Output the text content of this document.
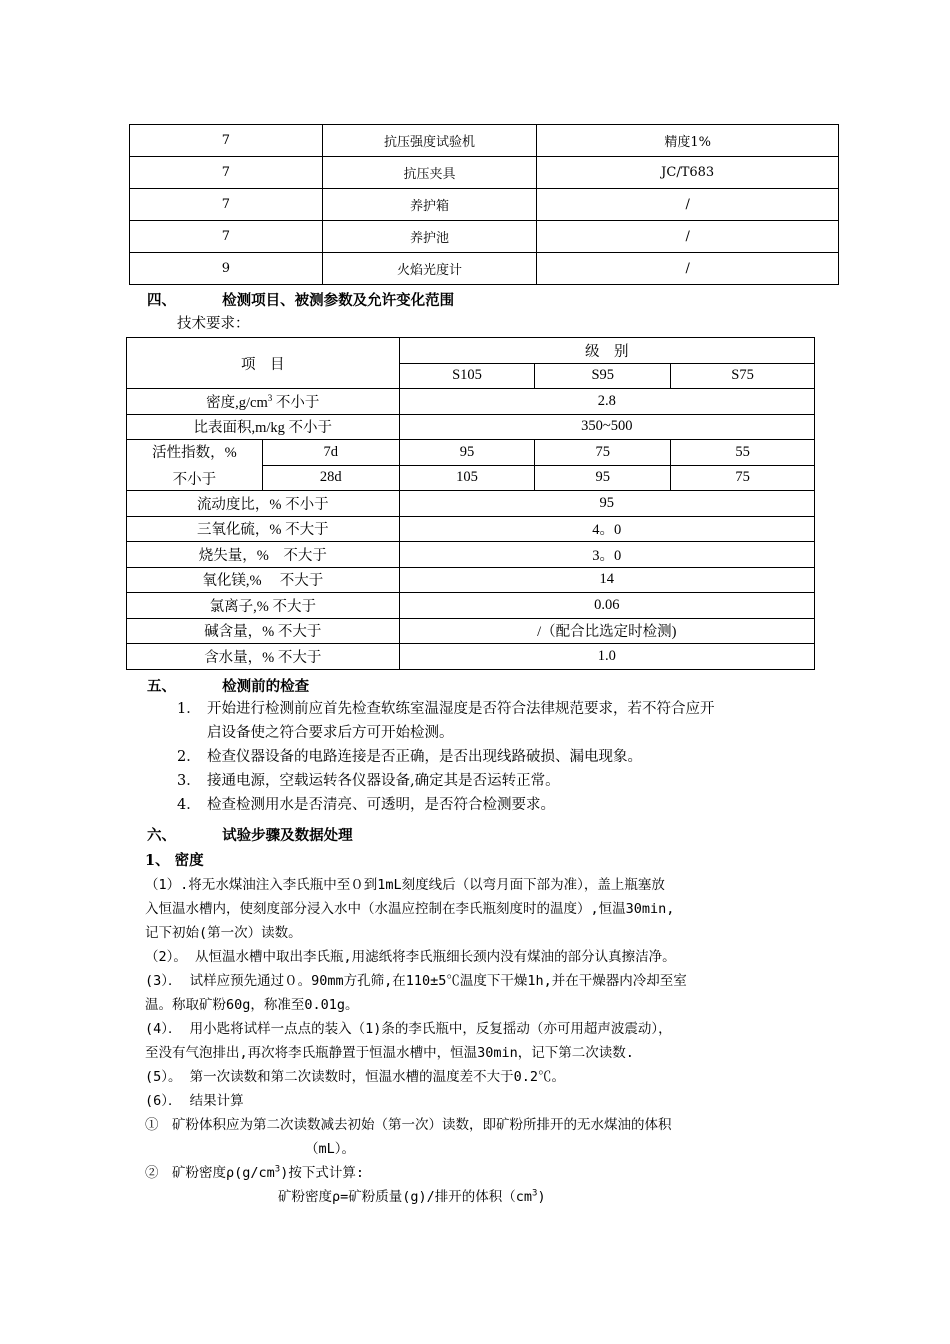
7	抗压强度试验机	精度1%
7	抗压夹具	JC/T683
7	养护箱	/
7	养护池	/
9	火焰光度计	/
四、	检测项目、被测参数及允许变化范围
技术要求：
项　目		级　别		
		S105	S95	S75
密度$,g/cm^3$ 不小于		2.8		
比表面积,m/kg 不小于		350~500		

活性指数，%
不小于	7d	95	75	55
	28d	105	95	75
流动度比，% 不小于		95		
三氧化硫，% 不大于		4。0		
烧失量，%　不大于		3。0		
氧化镁,%　 不大于		14		
氯离子,% 不大于		0.06		
碱含量，% 不大于		/（配合比选定时检测)		
含水量，% 不大于		1.0		
五、	检测前的检查
1． 开始进行检测前应首先检查软练室温湿度是否符合法律规范要求，若不符合应开
启设备使之符合要求后方可开始检测。
2． 检查仪器设备的电路连接是否正确，是否出现线路破损、漏电现象。
3． 接通电源，空载运转各仪器设备,确定其是否运转正常。
4． 检查检测用水是否清亮、可透明，是否符合检测要求。
六、	试验步骤及数据处理
1、 密度
（1）.将无水煤油注入李氏瓶中至０到1mL刻度线后（以弯月面下部为准），盖上瓶塞放
入恒温水槽内，使刻度部分浸入水中（水温应控制在李氏瓶刻度时的温度）,恒温30min,
记下初始(第一次）读数。
（2）。 从恒温水槽中取出李氏瓶,用滤纸将李氏瓶细长颈内没有煤油的部分认真擦洁净。
(3）． 试样应预先通过０。90mm方孔筛,在110±5℃温度下干燥1h,并在干燥器内冷却至室
温。称取矿粉60g，称准至0.01g。
(4）． 用小匙将试样一点点的装入（1)条的李氏瓶中，反复摇动（亦可用超声波震动），
至没有气泡排出,再次将李氏瓶静置于恒温水槽中，恒温30min，记下第二次读数.
(5）。 第一次读数和第二次读数时，恒温水槽的温度差不大于0.2℃。
(6）． 结果计算
①　矿粉体积应为第二次读数减去初始（第一次）读数，即矿粉所排开的无水煤油的体积
（mL）。
②　矿粉密度$\rho(g/cm^3)$按下式计算:
矿粉密度ρ=矿粉质量(g)/排开的体积$(cm^3)$
